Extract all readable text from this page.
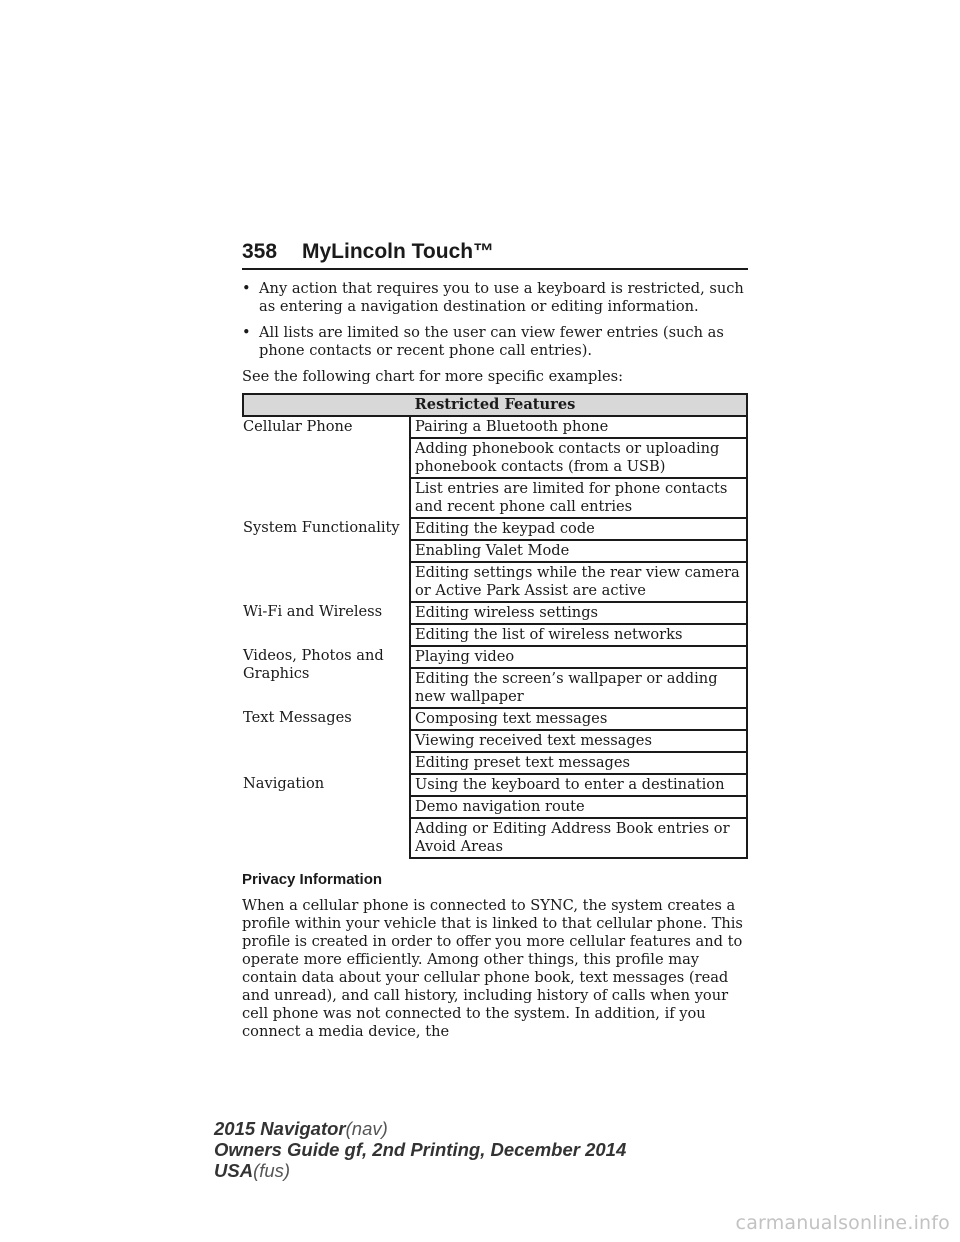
358 MyLincoln Touch™
• Any action that requires you to use a keyboard is restricted, such as entering a navigation destination or editing information.
• All lists are limited so the user can view fewer entries (such as phone contacts or recent phone call entries).

See the following chart for more specific examples:

Restricted Features	
Cellular Phone	Pairing a Bluetooth phone
	Adding phonebook contacts or uploading phonebook contacts (from a USB)
	List entries are limited for phone contacts and recent phone call entries
System Functionality	Editing the keypad code
	Enabling Valet Mode
	Editing settings while the rear view camera or Active Park Assist are active
Wi-Fi and Wireless	Editing wireless settings
	Editing the list of wireless networks
Videos, Photos and Graphics	Playing video
	Editing the screen’s wallpaper or adding new wallpaper
Text Messages	Composing text messages
	Viewing received text messages
	Editing preset text messages
Navigation	Using the keyboard to enter a destination
	Demo navigation route
	Adding or Editing Address Book entries or Avoid Areas
Privacy Information

When a cellular phone is connected to SYNC, the system creates a profile within your vehicle that is linked to that cellular phone. This profile is created in order to offer you more cellular features and to operate more efficiently. Among other things, this profile may contain data about your cellular phone book, text messages (read and unread), and call history, including history of calls when your cell phone was not connected to the system. In addition, if you connect a media device, the

2015 Navigator(nav)
Owners Guide gf, 2nd Printing, December 2014
USA(fus)
carmanualsonline.info
